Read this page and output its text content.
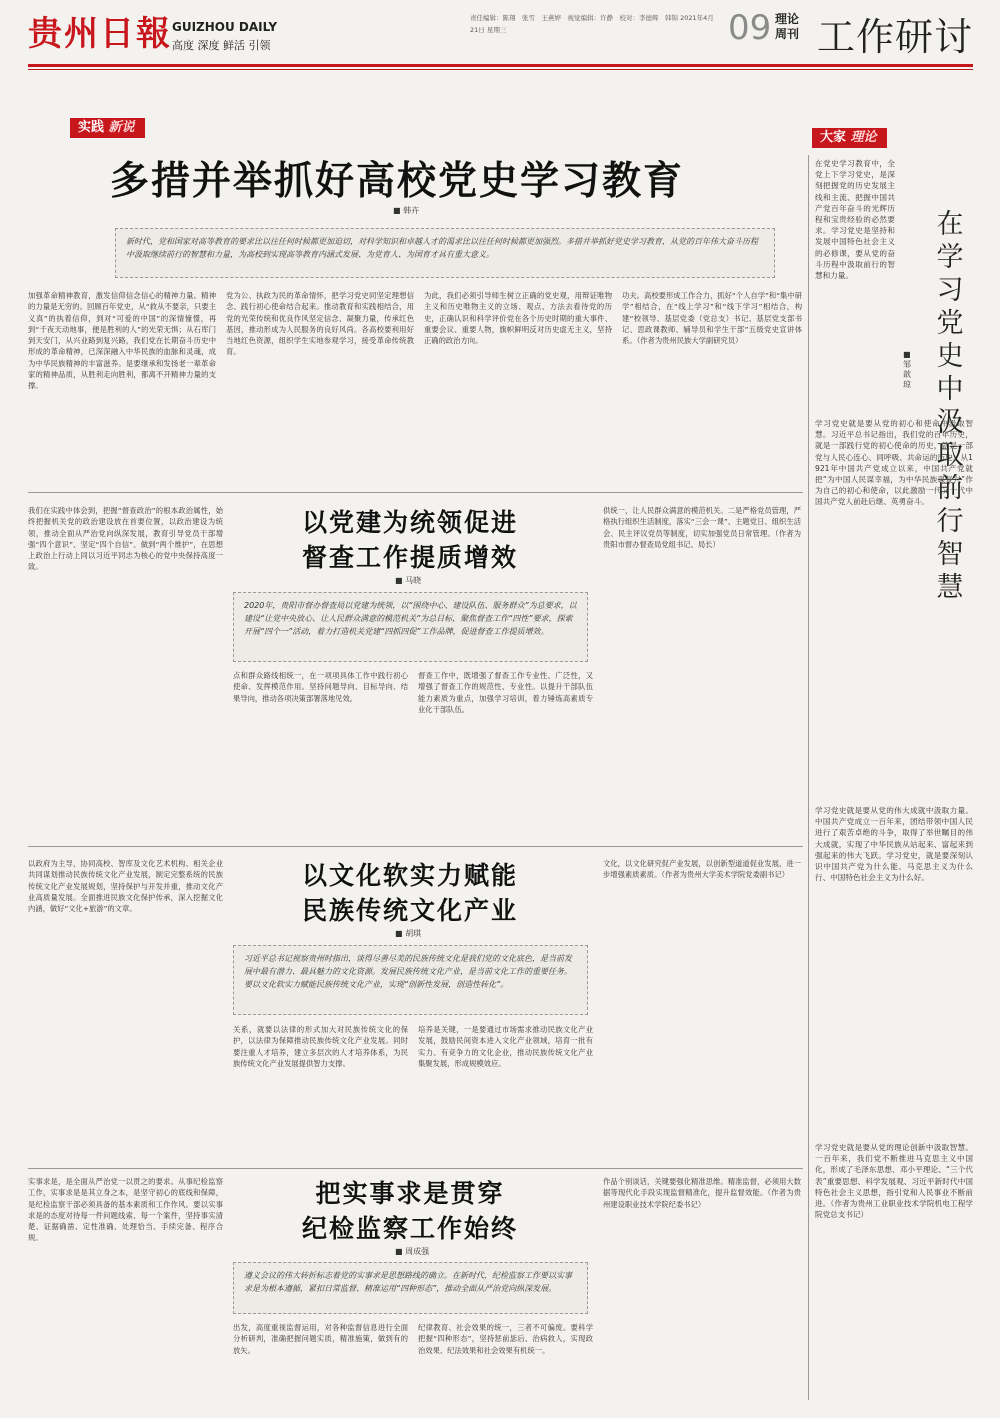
贵州日報 GUIZHOU DAILY
高度 深度 鲜活 引领
责任编辑：陈翔　张雪　王燕婷　视觉编辑：许静　校对：李德辉　韩锦 2021年4月21日 星期三	09 理论
周刊 工作研讨
实践 新说
大家 理论
多措并举抓好高校党史学习教育
■ 韩卉
新时代，党和国家对高等教育的要求比以往任何时候都更加迫切，对科学知识和卓越人才的渴求比以往任何时候都更加强烈。多措并举抓好党史学习教育，从党的百年伟大奋斗历程中汲取继续前行的智慧和力量，为高校到实现高等教育内涵式发展、为党育人、为国育才具有重大意义。
加强革命精神教育，激发信仰信念信心的精神力量。精神的力量是无穷的。回顾百年党史，从“救从不要亲，只要主义真”的执着信仰，到对“可爱的中国”的深情憧憬，再到“千夜天动地事，便是胜利的人”的光荣无惧；从石库门到天安门，从兴业路到复兴路，我们党在长期奋斗历史中形成的革命精神，已深深融入中华民族的血脉和灵魂，成为中华民族精神的丰富滋养。是要继承和发扬老一辈革命家的精神品质，从胜利走向胜利，都离不开精神力量的支撑。
党为公、执政为民的革命情怀，把学习党史同坚定理想信念、践行初心使命结合起来。推动教育和实践相结合，用党的光荣传统和优良作风坚定信念、凝聚力量，传承红色基因，推动形成为人民服务的良好风尚。各高校要利用好当地红色资源，组织学生实地参观学习，接受革命传统教育。
为此，我们必须引导师生树立正确的党史观，用辩证唯物主义和历史唯物主义的立场、观点、方法去看待党的历史，正确认识和科学评价党在各个历史时期的重大事件、重要会议、重要人物，旗帜鲜明反对历史虚无主义，坚持正确的政治方向。
功夫。高校要形成工作合力，抓好“个人自学”和“集中研学”相结合，在“线上学习”和“线下学习”相结合，构建“校领导、基层党委（党总支）书记、基层党支部书记、思政课教师、辅导员和学生干部”五级党史宣讲体系。（作者为贵州民族大学副研究员）
以党建为统领促进
督查工作提质增效
■ 马晓
2020年，贵阳市督办督查局以党建为统领，以“围绕中心、建设队伍、服务群众”为总要求，以建设“让党中央放心、让人民群众满意的模范机关”为总目标，聚焦督查工作“四性”要求，探索开展“四个一”活动，着力打造机关党建“四抓四促”工作品牌，促进督查工作提质增效。
我们在实践中体会到，把握“督查政治”的根本政治属性，始终把握机关党的政治建设放在首要位置，以政治建设为统领，推动全面从严治党向纵深发展，教育引导党员干部增强“四个意识”、坚定“四个自信”、做到“两个维护”，在思想上政治上行动上同以习近平同志为核心的党中央保持高度一致。
点和群众路线相统一，在一项项具体工作中践行初心使命、发挥模范作用。坚持问题导向、目标导向、结果导向，推动各项决策部署落地见效。
督查工作中，既增强了督查工作专业性、广泛性，又增强了督查工作的规范性、专业性。以提升干部队伍能力素质为重点，加强学习培训，着力锤炼高素质专业化干部队伍。
供统一，让人民群众满意的模范机关。二是严格党员管理，严格执行组织生活制度，落实“三会一课”、主题党日、组织生活会、民主评议党员等制度，切实加强党员日常管理。（作者为贵阳市督办督查局党组书记、局长）
以文化软实力赋能
民族传统文化产业
■ 胡琪
习近平总书记视察贵州时指出，谈得尽善尽美的民族传统文化是我们党的文化底色，是当前发展中最有潜力、最具魅力的文化资源。发展民族传统文化产业，是当前文化工作的重要任务。要以文化软实力赋能民族传统文化产业，实现“创新性发展，创造性转化”。
以政府为主导，协同高校、智库及文化艺术机构、相关企业共同谋划推动民族传统文化产业发展，制定完整系统的民族传统文化产业发展规划，坚持保护与开发并重，推动文化产业高质量发展。全面推进民族文化保护传承，深入挖掘文化内涵，做好“文化+旅游”的文章。
关系，就要以法律的形式加大对民族传统文化的保护，以法律为保障推动民族传统文化产业发展。同时要注重人才培养，建立多层次的人才培养体系，为民族传统文化产业发展提供智力支撑。
培养是关键，一是要通过市场需求推动民族文化产业发展，鼓励民间资本进入文化产业领域，培育一批有实力、有竞争力的文化企业，推动民族传统文化产业集聚发展，形成规模效应。
文化，以文化研究促产业发展，以创新型道道促业发展，进一步增强素质素质。（作者为贵州大学美术学院党委副书记）
把实事求是贯穿
纪检监察工作始终
■ 周成强
遵义会议的伟大转折标志着党的实事求是思想路线的确立。在新时代，纪检监察工作要以实事求是为根本遵循，紧扣日常监督、精准运用“四种形态”，推动全面从严治党向纵深发展。
实事求是，是全面从严治党一以贯之的要求。从事纪检监察工作，实事求是是其立身之本，是坚守初心的底线和保障，是纪检监察干部必须具备的基本素质和工作作风。要以实事求是的态度对待每一件问题线索、每一个案件，坚持事实清楚、证据确凿、定性准确、处理恰当、手续完备、程序合规。
出发，高度重视监督运用，对各种监督信息进行全面分析研判，准确把握问题实质，精准施策，做到有的放矢。
纪律教育、社会效果的统一，三者不可偏废。要科学把握“四种形态”，坚持惩前毖后、治病救人，实现政治效果、纪法效果和社会效果有机统一。
作品个别谈话，关键要强化精准思维。精准监督，必须用大数据等现代化手段实现监督精准化，提升监督效能。（作者为贵州建设职业技术学院纪委书记）
在党史学习教育中，全党上下学习党史，是深刻把握党的历史发展主线和主流、把握中国共产党百年奋斗的光辉历程和宝贵经验的必然要求。学习党史是坚持和发展中国特色社会主义的必修课，要从党的奋斗历程中汲取前行的智慧和力量。
在学习党史中汲取前行智慧
■ 邹歆琼
学习党史就是要从党的初心和使命中汲取智慧。习近平总书记指出，我们党的百年历史，就是一部践行党的初心使命的历史，就是一部党与人民心连心、同呼吸、共命运的历史。从1921年中国共产党成立以来，中国共产党就把“为中国人民谋幸福，为中华民族谋复兴”作为自己的初心和使命，以此激励一代又一代中国共产党人前赴后继、英勇奋斗。
学习党史就是要从党的伟大成就中汲取力量。中国共产党成立一百年来，团结带领中国人民进行了艰苦卓绝的斗争，取得了举世瞩目的伟大成就，实现了中华民族从站起来、富起来到强起来的伟大飞跃。学习党史，就是要深刻认识中国共产党为什么能、马克思主义为什么行、中国特色社会主义为什么好。
学习党史就是要从党的理论创新中汲取智慧。一百年来，我们党不断推进马克思主义中国化，形成了毛泽东思想、邓小平理论、“三个代表”重要思想、科学发展观、习近平新时代中国特色社会主义思想，指引党和人民事业不断前进。（作者为贵州工业职业技术学院机电工程学院党总支书记）
